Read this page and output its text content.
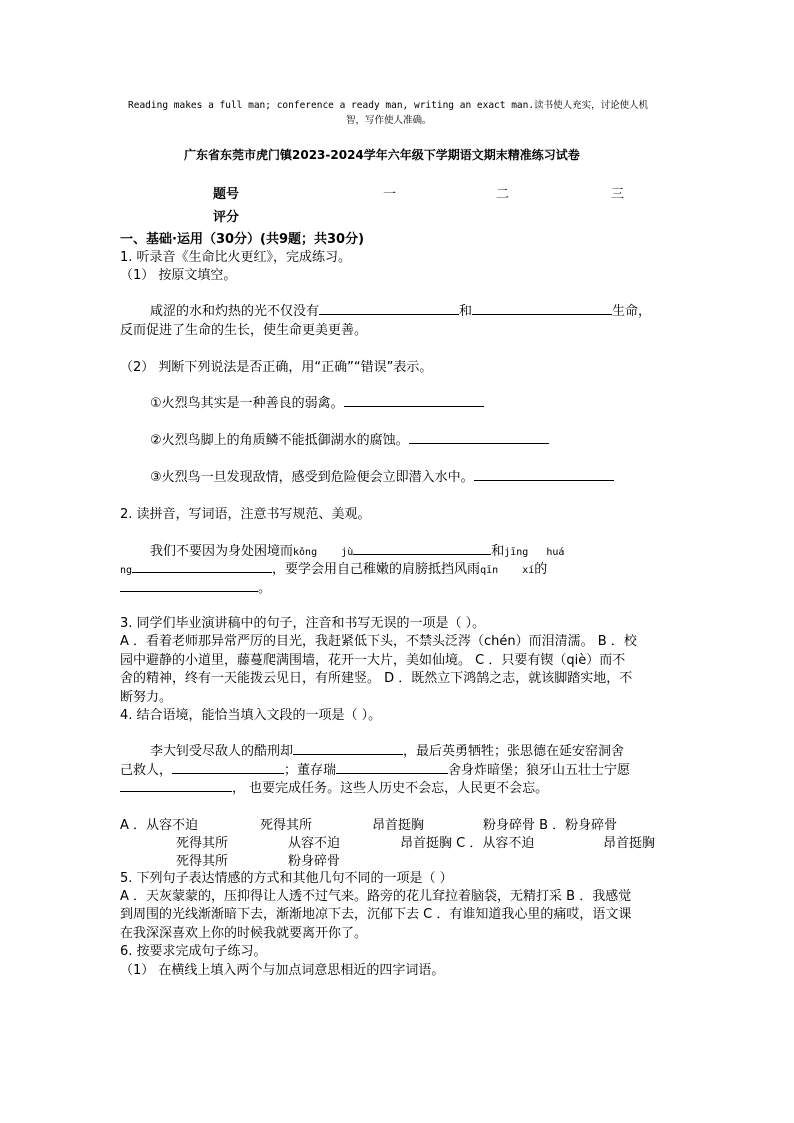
Reading makes a full man; conference a ready man, writing an exact man.读书使人充实，讨论使人机
智，写作使人准确。
广东省东莞市虎门镇2023-2024学年六年级下学期语文期末精准练习试卷
题号	一	二	三
评分
一、基础·运用（30分）(共9题；共30分)
1. 听录音《生命比火更红》，完成练习。
（1） 按原文填空。
咸涩的水和灼热的光不仅没有	和	生命，
反而促进了生命的生长，使生命更美更善。
（2） 判断下列说法是否正确，用“正确”“错误”表示。
①火烈鸟其实是一种善良的弱禽。
②火烈鸟脚上的角质鳞不能抵御湖水的腐蚀。
③火烈鸟一旦发现敌情，感受到危险便会立即潜入水中。
2. 读拼音，写词语，注意书写规范、美观。
我们不要因为身处困境而kǒng    jù	和jīng   huá
ng	，要学会用自己稚嫩的肩膀抵挡风雨qīn    xí的
。
3. 同学们毕业演讲稿中的句子，注音和书写无误的一项是（ ）。
A ．看着老师那异常严厉的目光，我赶紧低下头，不禁头泛涔（chén）而泪清濡。 B ．校
园中避静的小道里，藤蔓爬满围墙，花开一大片，美如仙境。 C ．只要有锲（qiè）而不
舍的精神，终有一天能拨云见日，有所建竖。 D ．既然立下鸿鹄之志，就该脚踏实地，不
断努力。
4. 结合语境，能恰当填入文段的一项是（ ）。
李大钊受尽敌人的酷刑却	，最后英勇牺牲；张思德在延安窑洞舍
己救人，	；董存瑞	舍身炸暗堡；狼牙山五壮士宁愿
， 也要完成任务。这些人历史不会忘，人民更不会忘。
A ．从容不迫	死得其所	昂首挺胸	粉身碎骨 B ．粉身碎骨
死得其所	从容不迫	昂首挺胸 C ．从容不迫	昂首挺胸
死得其所	粉身碎骨
5. 下列句子表达情感的方式和其他几句不同的一项是（ ）
A ．天灰蒙蒙的，压抑得让人透不过气来。路旁的花儿耷拉着脑袋，无精打采 B ．我感觉
到周围的光线渐渐暗下去，渐渐地凉下去，沉郁下去 C ．有谁知道我心里的痛哎，语文课
在我深深喜欢上你的时候我就要离开你了。
6. 按要求完成句子练习。
（1） 在横线上填入两个与加点词意思相近的四字词语。
